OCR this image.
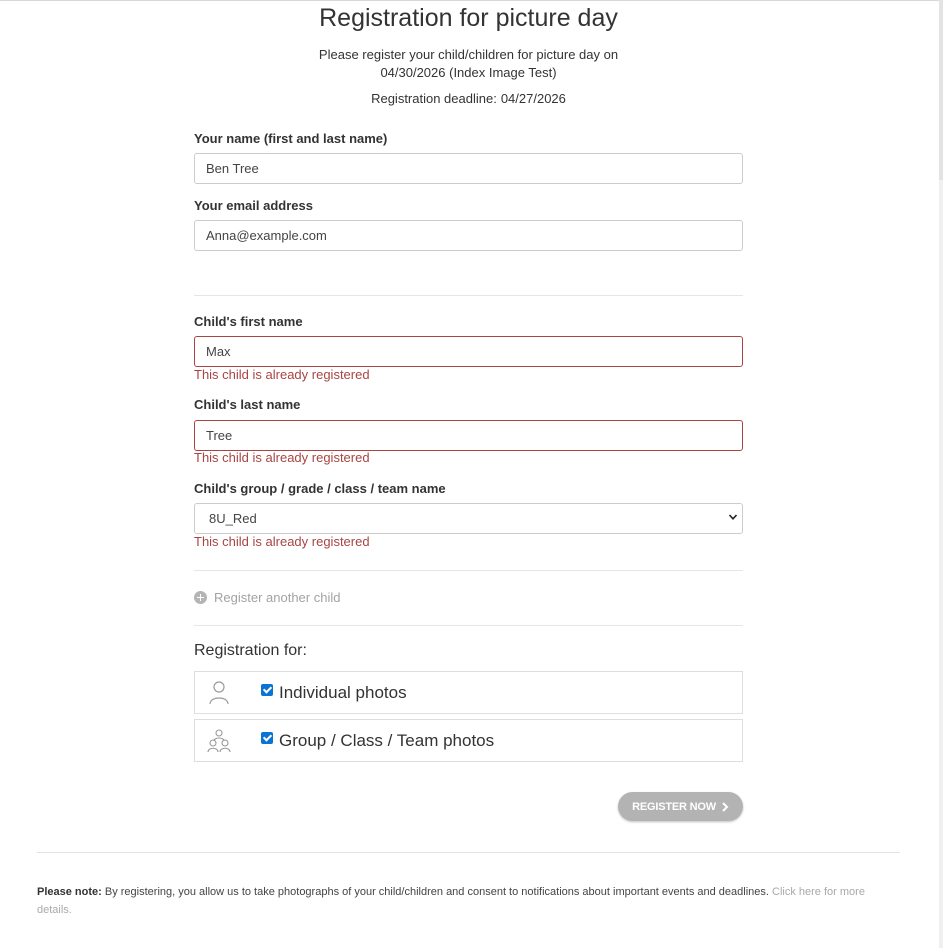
Registration for picture day
Please register your child/children for picture day on 04/30/2026 (Index Image Test)
Registration deadline: 04/27/2026
Your name (first and last name)
Ben Tree
Your email address
Anna@example.com
Child's first name
Max
This child is already registered
Child's last name
Tree
This child is already registered
Child's group / grade / class / team name
8U_Red
This child is already registered
Register another child
Registration for:
Individual photos
Group / Class / Team photos
REGISTER NOW
Please note: By registering, you allow us to take photographs of your child/children and consent to notifications about important events and deadlines. Click here for more details.
